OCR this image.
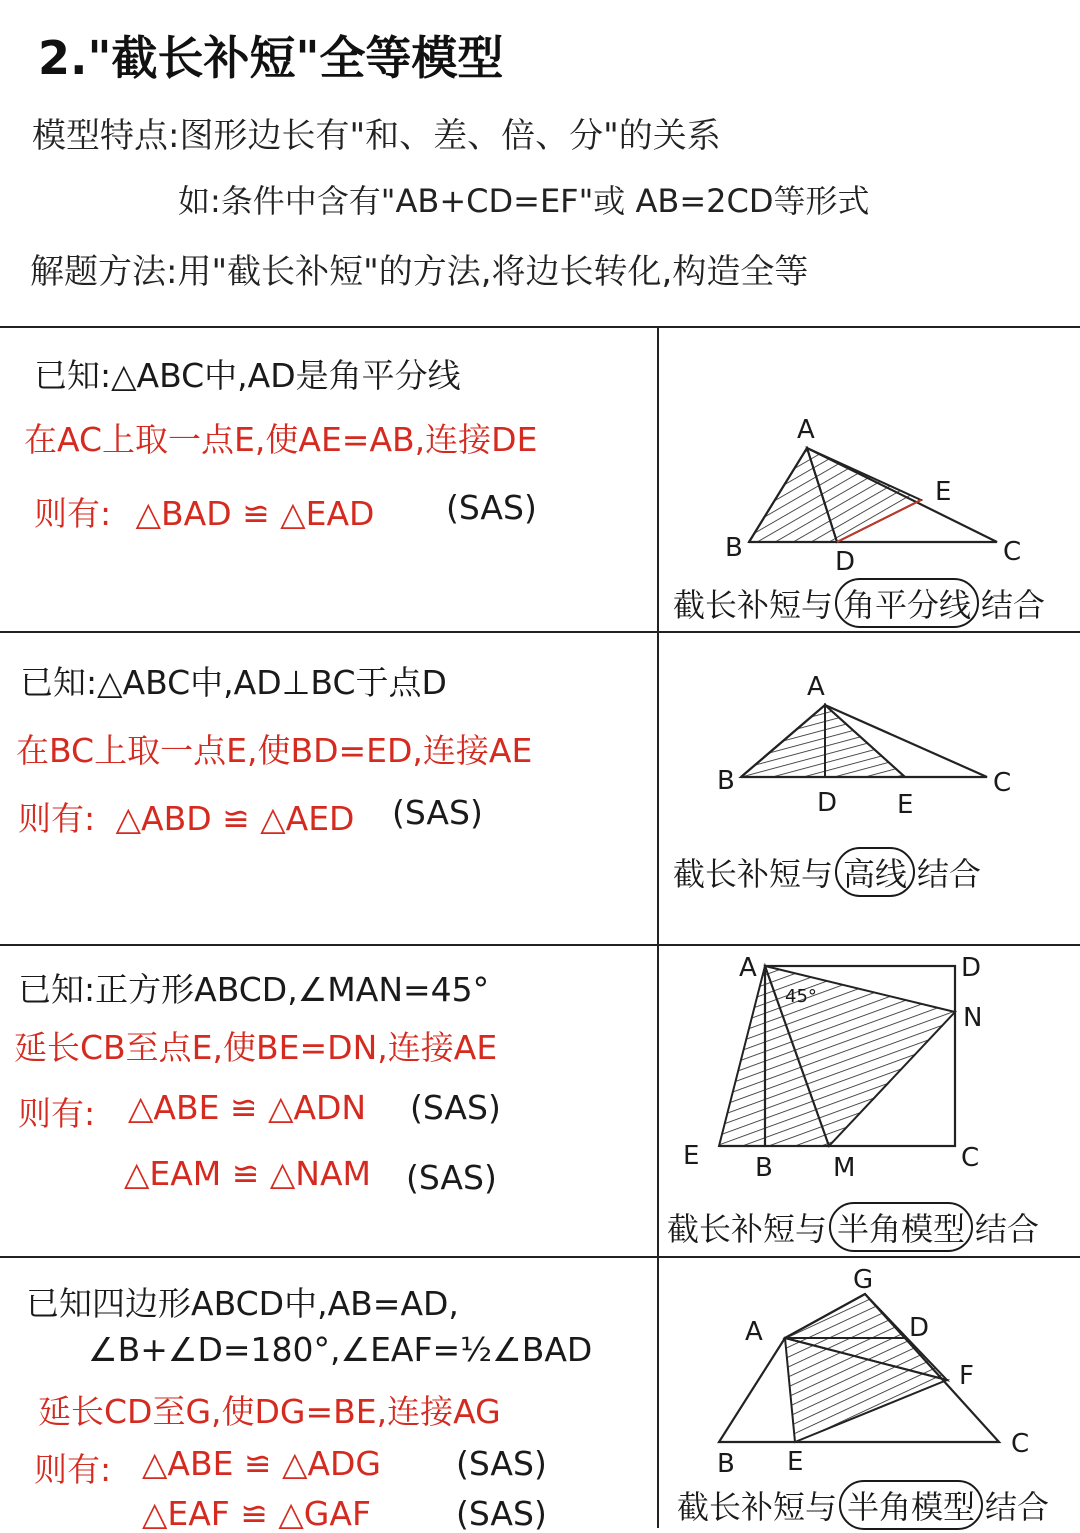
2."截长补短"全等模型
模型特点:图形边长有"和、差、倍、分"的关系
如:条件中含有"AB+CD=EF"或 AB=2CD等形式
解题方法:用"截长补短"的方法,将边长转化,构造全等
已知:△ABC中,AD是角平分线
在AC上取一点E,使AE=AB,连接DE
则有: △BAD ≌ △EAD (SAS)
A
B	C
D
E
截长补短与 角平分线 结合
已知:△ABC中,AD⊥BC于点D
在BC上取一点E,使BD=ED,连接AE
则有: △ABD ≌ △AED (SAS)
A
B	C
D E
截长补短与 高线 结合
已知:正方形ABCD,∠MAN=45°
延长CB至点E,使BE=DN,连接AE
则有: △ABE ≌ △ADN (SAS)
△EAM ≌ △NAM (SAS)
A
B	C
D
E	M
N
45°
截长补短与 半角模型 结合
已知四边形ABCD中,AB=AD,
∠B+∠D=180°,∠EAF=½∠BAD
延长CD至G,使DG=BE,连接AG
则有: △ABE ≌ △ADG (SAS)
△EAF ≌ △GAF	(SAS)
A
B
C
D
E
F
G
截长补短与 半角模型 结合
